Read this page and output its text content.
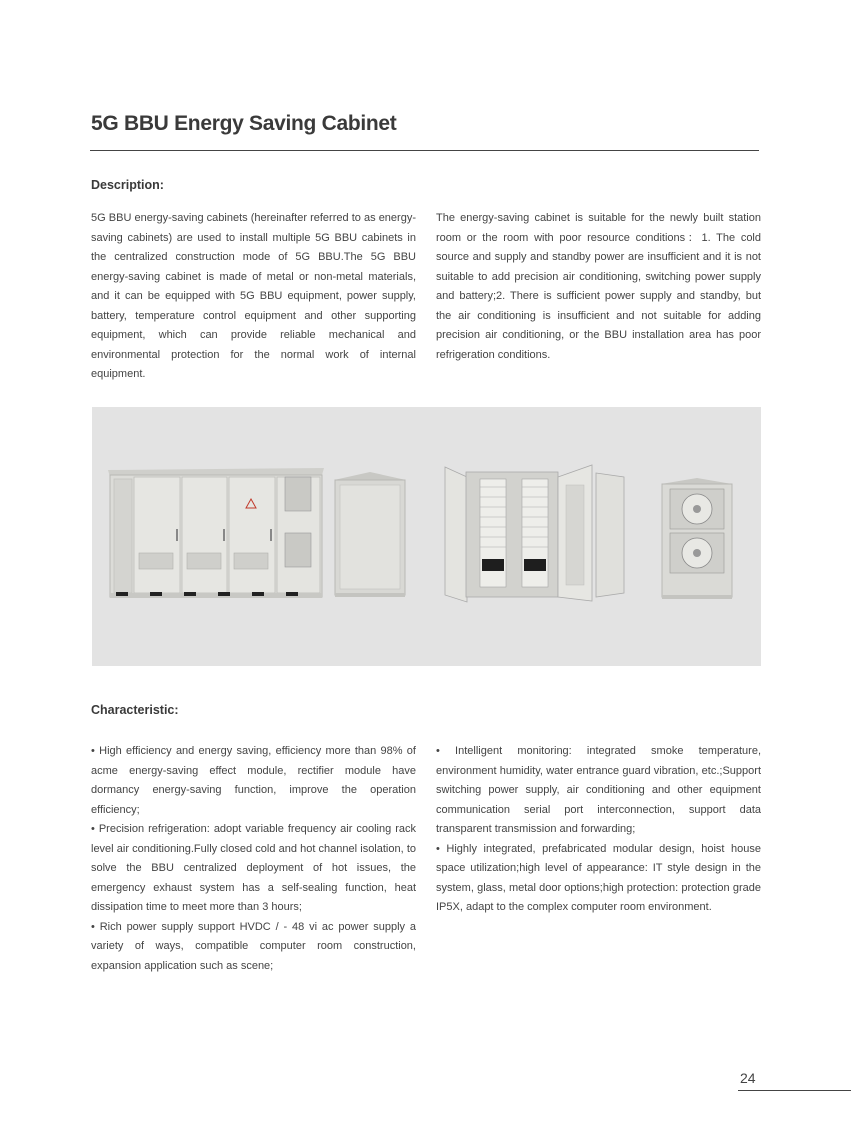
5G BBU Energy Saving Cabinet
Description:

5G BBU energy-saving cabinets (hereinafter referred to as energy-saving cabinets) are used to install multiple 5G BBU cabinets in the centralized construction mode of 5G BBU.The 5G BBU energy-saving cabinet is made of metal or non-metal materials, and it can be equipped with 5G BBU equipment, power supply, battery, temperature control equipment and other supporting equipment, which can provide reliable mechanical and environmental protection for the normal work of internal equipment.

The energy-saving cabinet is suitable for the newly built station room or the room with poor resource conditions：1. The cold source and supply and standby power are insufficient and it is not suitable to add precision air conditioning, switching power supply and battery;2. There is sufficient power supply and standby, but the air conditioning is insufficient and not suitable for adding precision air conditioning, or the BBU installation area has poor refrigeration conditions.

Characteristic:
• High efficiency and energy saving, efficiency more than 98% of acme energy-saving effect module, rectifier module have dormancy energy-saving function, improve the operation efficiency;
• Precision refrigeration: adopt variable frequency air cooling rack level air conditioning.Fully closed cold and hot channel isolation, to solve the BBU centralized deployment of hot issues, the emergency exhaust system has a self-sealing function, heat dissipation time to meet more than 3 hours;
• Rich power supply support HVDC / - 48 vi ac power supply a variety of ways, compatible computer room construction, expansion application such as scene;
• Intelligent monitoring: integrated smoke temperature, environment humidity, water entrance guard vibration, etc.;Support switching power supply, air conditioning and other equipment communication serial port interconnection, support data transparent transmission and forwarding;
• Highly integrated, prefabricated modular design, hoist house space utilization;high level of appearance: IT style design in the system, glass, metal door options;high protection: protection grade IP5X, adapt to the complex computer room environment.
24
